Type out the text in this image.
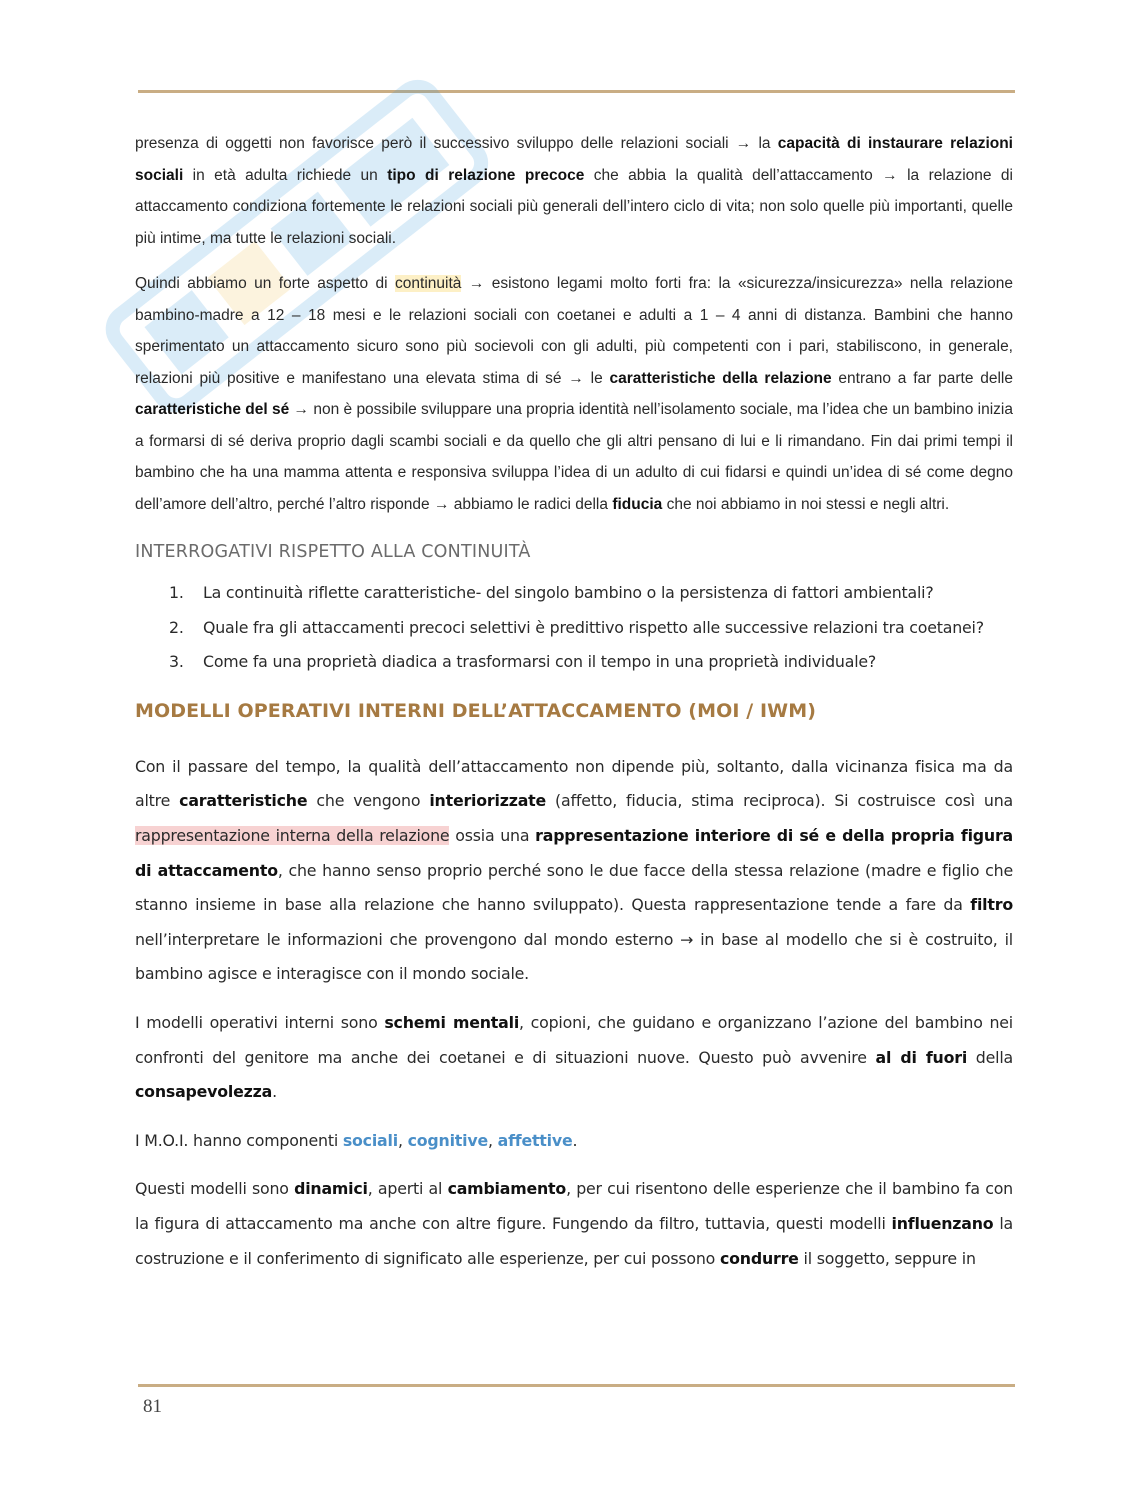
presenza di oggetti non favorisce però il successivo sviluppo delle relazioni sociali → la capacità di instaurare relazioni sociali in età adulta richiede un tipo di relazione precoce che abbia la qualità dell’attaccamento → la relazione di attaccamento condiziona fortemente le relazioni sociali più generali dell’intero ciclo di vita; non solo quelle più importanti, quelle più intime, ma tutte le relazioni sociali.

Quindi abbiamo un forte aspetto di continuità → esistono legami molto forti fra: la «sicurezza/insicurezza» nella relazione bambino-madre a 12 – 18 mesi e le relazioni sociali con coetanei e adulti a 1 – 4 anni di distanza. Bambini che hanno sperimentato un attaccamento sicuro sono più socievoli con gli adulti, più competenti con i pari, stabiliscono, in generale, relazioni più positive e manifestano una elevata stima di sé → le caratteristiche della relazione entrano a far parte delle caratteristiche del sé → non è possibile sviluppare una propria identità nell’isolamento sociale, ma l’idea che un bambino inizia a formarsi di sé deriva proprio dagli scambi sociali e da quello che gli altri pensano di lui e li rimandano. Fin dai primi tempi il bambino che ha una mamma attenta e responsiva sviluppa l’idea di un adulto di cui fidarsi e quindi un’idea di sé come degno dell’amore dell’altro, perché l’altro risponde → abbiamo le radici della fiducia che noi abbiamo in noi stessi e negli altri.

INTERROGATIVI RISPETTO ALLA CONTINUITÀ
1. La continuità riflette caratteristiche- del singolo bambino o la persistenza di fattori ambientali?
2. Quale fra gli attaccamenti precoci selettivi è predittivo rispetto alle successive relazioni tra coetanei?
3. Come fa una proprietà diadica a trasformarsi con il tempo in una proprietà individuale?
MODELLI OPERATIVI INTERNI DELL’ATTACCAMENTO (MOI / IWM)

Con il passare del tempo, la qualità dell’attaccamento non dipende più, soltanto, dalla vicinanza fisica ma da altre caratteristiche che vengono interiorizzate (affetto, fiducia, stima reciproca). Si costruisce così una rappresentazione interna della relazione ossia una rappresentazione interiore di sé e della propria figura di attaccamento, che hanno senso proprio perché sono le due facce della stessa relazione (madre e figlio che stanno insieme in base alla relazione che hanno sviluppato). Questa rappresentazione tende a fare da filtro nell’interpretare le informazioni che provengono dal mondo esterno → in base al modello che si è costruito, il bambino agisce e interagisce con il mondo sociale.

I modelli operativi interni sono schemi mentali, copioni, che guidano e organizzano l’azione del bambino nei confronti del genitore ma anche dei coetanei e di situazioni nuove. Questo può avvenire al di fuori della consapevolezza.

I M.O.I. hanno componenti sociali, cognitive, affettive.

Questi modelli sono dinamici, aperti al cambiamento, per cui risentono delle esperienze che il bambino fa con la figura di attaccamento ma anche con altre figure. Fungendo da filtro, tuttavia, questi modelli influenzano la costruzione e il conferimento di significato alle esperienze, per cui possono condurre il soggetto, seppure in

81
